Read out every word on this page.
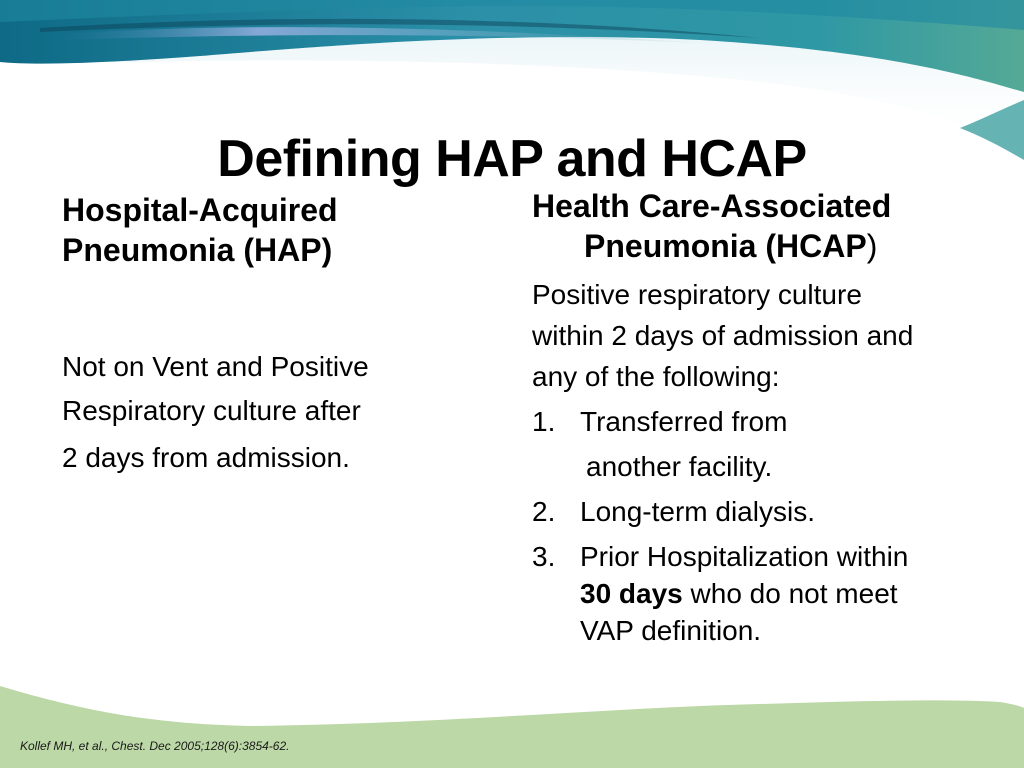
Defining HAP and HCAP
Hospital-Acquired
Pneumonia (HAP)
Not on Vent and Positive
Respiratory culture after
2 days from admission.
Health Care-Associated
Pneumonia (HCAP)
Positive respiratory culture
within 2 days of admission and
any of the following:
1. Transferred from
another facility.
2. Long-term dialysis.
3. Prior Hospitalization within
30 days who do not meet
VAP definition.
Kollef MH, et al., Chest. Dec 2005;128(6):3854-62.
